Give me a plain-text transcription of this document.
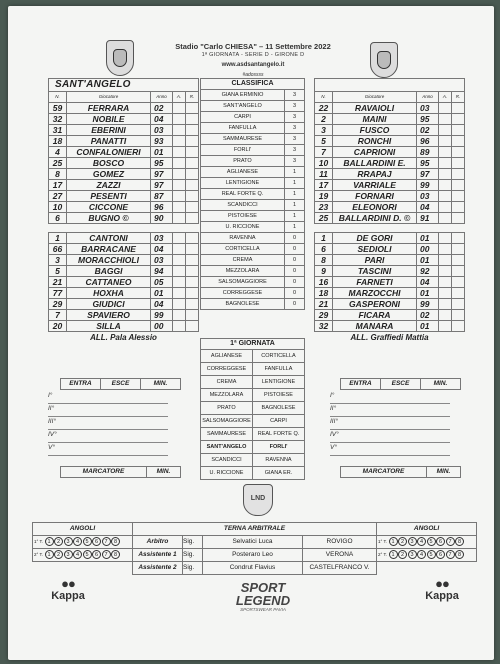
Stadio "Carlo CHIESA" – 11 Settembre 2022
1ª GIORNATA - SERIE D - GIRONE D
www.asdsantangelo.it
#adossss
SANT'ANGELO				
N.	Giocatore	Anno	A.	R.
59	FERRARA	02		
32	NOBILE	04		
31	EBERINI	03		
18	PANATTI	93		
4	CONFALONIERI	01		
25	BOSCO	95		
8	GOMEZ	97		
17	ZAZZI	97		
27	PESENTI	87		
10	CICCONE	96		
6	BUGNO ©	90		

1	CANTONI	03		
66	BARRACANE	04		
3	MORACCHIOLI	03		
5	BAGGI	94		
21	CATTANEO	05		
77	HOXHA	01		
29	GIUDICI	04		
7	SPAVIERO	99		
20	SILLA	00		
ALL. Pala Alessio				

N.	Giocatore	Anno	A.	R.
22	RAVAIOLI	03		
2	MAINI	95		
3	FUSCO	02		
5	RONCHI	96		
7	CAPRIONI	89		
10	BALLARDINI E.	95		
11	RRAPAJ	97		
17	VARRIALE	99		
19	FORNARI	03		
23	ELEONORI	04		
25	BALLARDINI D. ©	91		

1	DE GORI	01		
6	SEDIOLI	00		
8	PARI	01		
9	TASCINI	92		
16	FARNETI	04		
18	MARZOCCHI	01		
21	GASPERONI	99		
29	FICARA	02		
32	MANARA	01		
ALL. Graffiedi Mattia				
CLASSIFICA	
GIANA ERMINIO	3
SANT'ANGELO	3
CARPI	3
FANFULLA	3
SAMMAURESE	3
FORLI'	3
PRATO	3
AGLIANESE	1
LENTIGIONE	1
REAL FORTE Q.	1
SCANDICCI	1
PISTOIESE	1
U. RICCIONE	1
RAVENNA	0
CORTICELLA	0
CREMA	0
MEZZOLARA	0
SALSOMAGGIORE	0
CORREGGESE	0
BAGNOLESE	0
1ª GIORNATA	
AGLIANESE	CORTICELLA
CORREGGESE	FANFULLA
CREMA	LENTIGIONE
MEZZOLARA	PISTOIESE
PRATO	BAGNOLESE
SALSOMAGGIORE	CARPI
SAMMAURESE	REAL FORTE Q.
SANT'ANGELO	FORLI'
SCANDICCI	RAVENNA
U. RICCIONE	GIANA ER.
ENTRA	ESCE	MIN.
I°
II°
III°
IV°
V°
MARCATORE	MIN.
ENTRA	ESCE	MIN.
I°
II°
III°
IV°
V°
MARCATORE	MIN.
LND
ANGOLI	TERNA ARBITRALE				ANGOLI
1° T. 1 2 3 4 5 6 7 8	Arbitro	Sig.	Selvatici Luca	ROVIGO	1° T. 1 2 3 4 5 6 7 8
2° T. 1 2 3 4 5 6 7 8	Assistente 1	Sig.	Posteraro Leo	VERONA	2° T. 1 2 3 4 5 6 7 8
	Assistente 2	Sig.	Condrut Flavius	CASTELFRANCO V.	
●●
Kappa
●●
Kappa
SPORT LEGEND
SPORTSWEAR PAVIA
